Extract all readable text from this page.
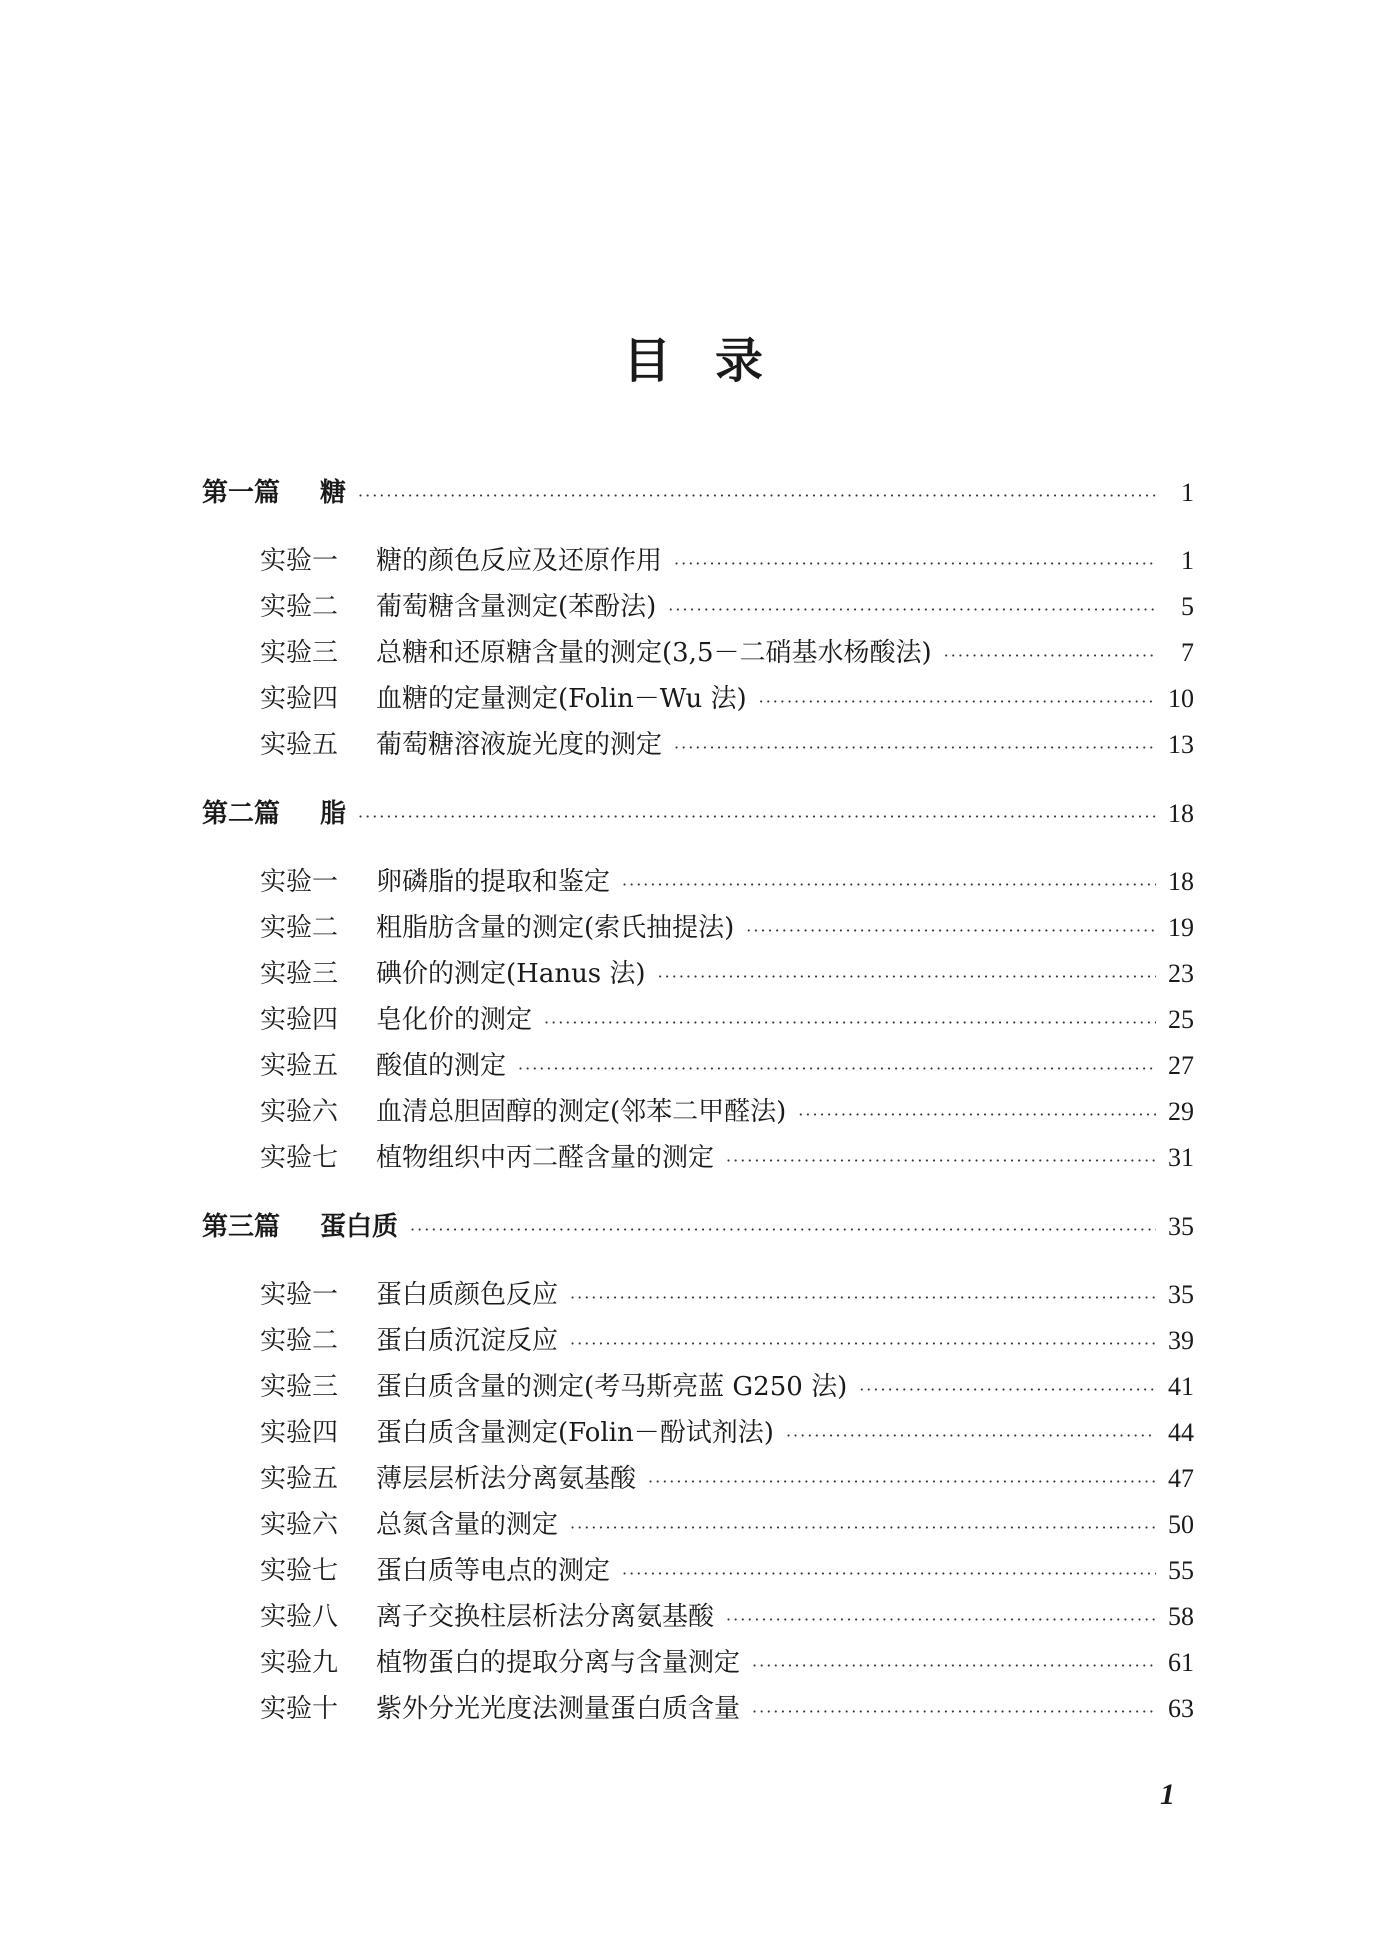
目录
第一篇	糖 ·····	1
实验一	糖的颜色反应及还原作用 ·····	1
实验二	葡萄糖含量测定(苯酚法) ·····	5
实验三	总糖和还原糖含量的测定(3,5－二硝基水杨酸法) ·····	7
实验四	血糖的定量测定(Folin－Wu 法) ·····	10
实验五	葡萄糖溶液旋光度的测定 ·····	13
第二篇	脂 ·····	18
实验一	卵磷脂的提取和鉴定 ·····	18
实验二	粗脂肪含量的测定(索氏抽提法) ·····	19
实验三	碘价的测定(Hanus 法) ·····	23
实验四	皂化价的测定 ·····	25
实验五	酸值的测定 ·····	27
实验六	血清总胆固醇的测定(邻苯二甲醛法) ·····	29
实验七	植物组织中丙二醛含量的测定 ·····	31
第三篇	蛋白质 ·····	35
实验一	蛋白质颜色反应 ·····	35
实验二	蛋白质沉淀反应 ·····	39
实验三	蛋白质含量的测定(考马斯亮蓝 G250 法) ·····	41
实验四	蛋白质含量测定(Folin－酚试剂法) ·····	44
实验五	薄层层析法分离氨基酸 ·····	47
实验六	总氮含量的测定 ·····	50
实验七	蛋白质等电点的测定 ·····	55
实验八	离子交换柱层析法分离氨基酸 ·····	58
实验九	植物蛋白的提取分离与含量测定 ·····	61
实验十	紫外分光光度法测量蛋白质含量 ·····	63
1
